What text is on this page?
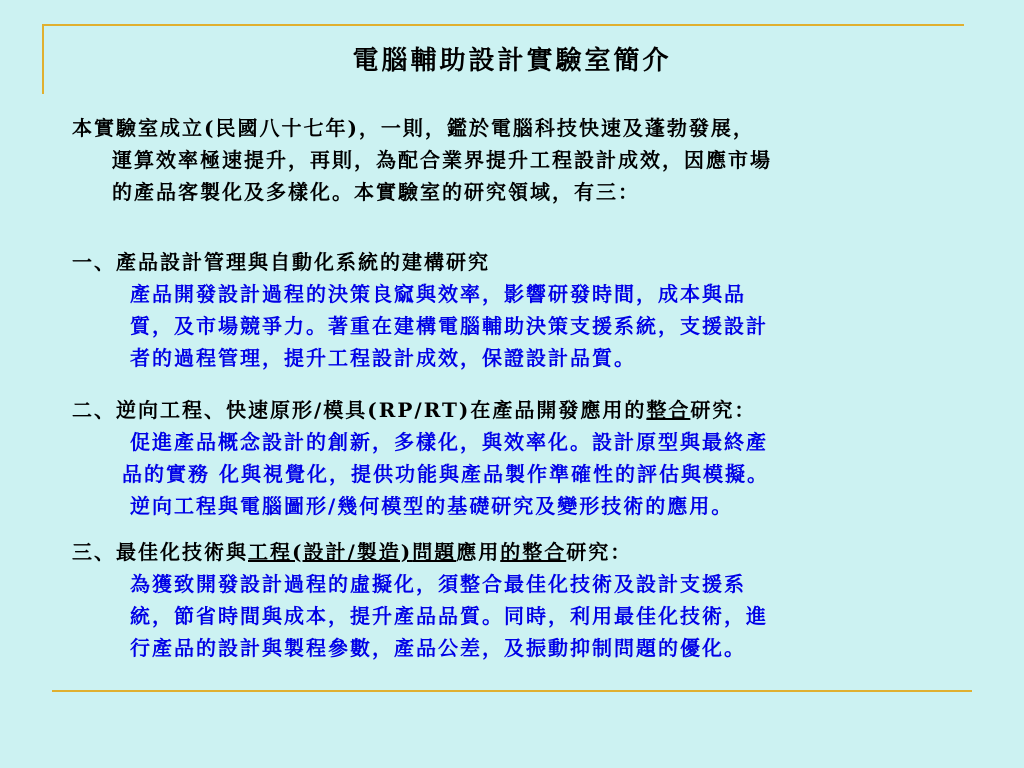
電腦輔助設計實驗室簡介
本實驗室成立(民國八十七年)，一則，鑑於電腦科技快速及蓬勃發展，
運算效率極速提升，再則，為配合業界提升工程設計成效，因應市場
的產品客製化及多樣化。本實驗室的研究領域，有三：
一、產品設計管理與自動化系統的建構研究
產品開發設計過程的決策良窳與效率，影響研發時間，成本與品
質，及市場競爭力。著重在建構電腦輔助決策支援系統，支援設計
者的過程管理，提升工程設計成效，保證設計品質。
二、逆向工程、快速原形/模具(RP/RT)在產品開發應用的整合研究：
促進產品概念設計的創新，多樣化，與效率化。設計原型與最終產
品的實務 化與視覺化，提供功能與產品製作準確性的評估與模擬。
逆向工程與電腦圖形/幾何模型的基礎研究及變形技術的應用。
三、最佳化技術與工程(設計/製造)問題應用的整合研究：
為獲致開發設計過程的虛擬化，須整合最佳化技術及設計支援系
統，節省時間與成本，提升產品品質。同時，利用最佳化技術，進
行產品的設計與製程參數，產品公差，及振動抑制問題的優化。
